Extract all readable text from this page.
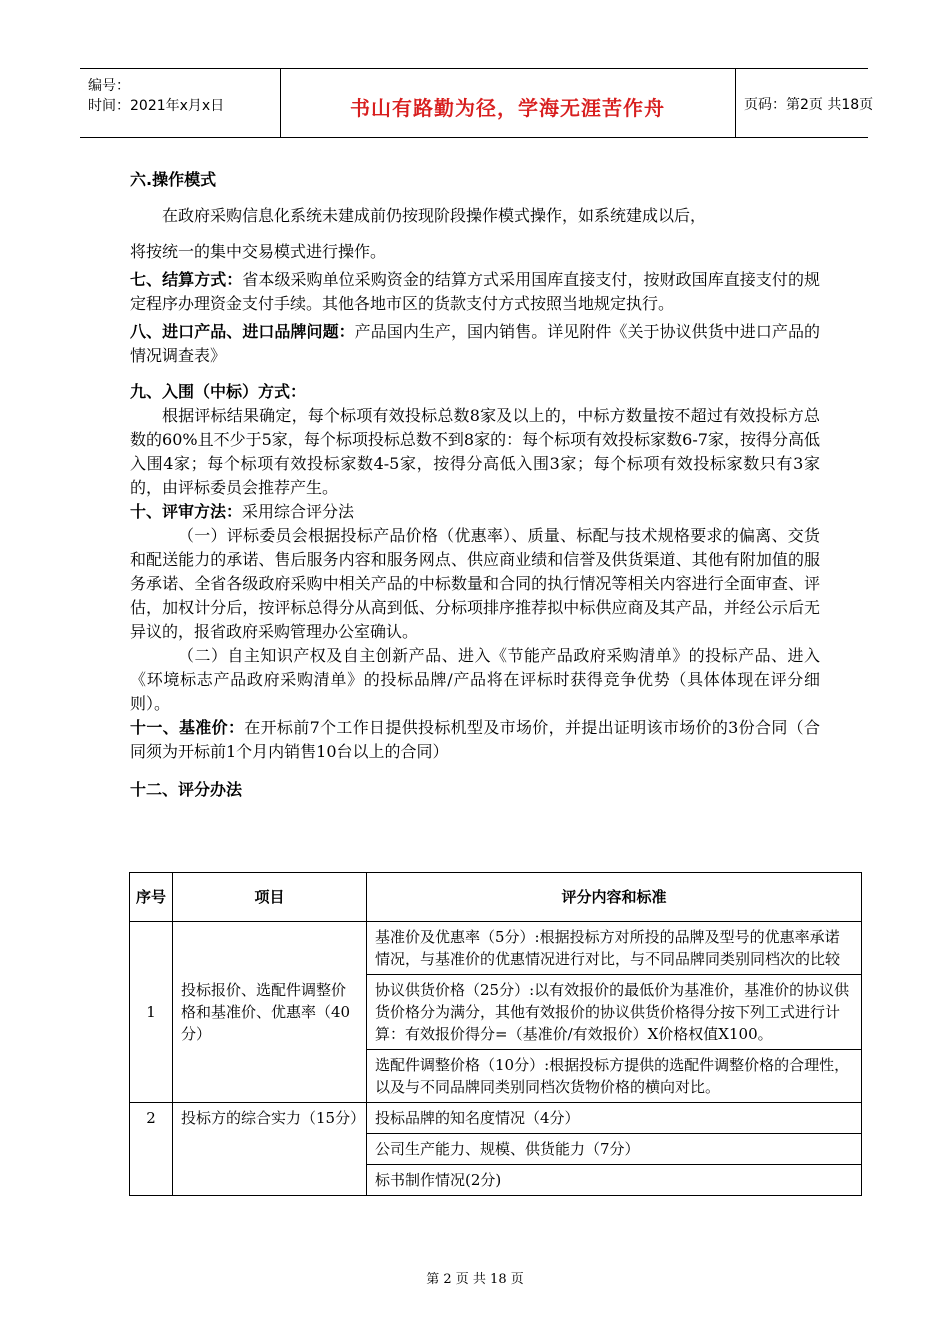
编号：
时间：2021年x月x日	书山有路勤为径，学海无涯苦作舟	页码：第2页 共18页

六.操作模式

在政府采购信息化系统未建成前仍按现阶段操作模式操作，如系统建成以后，

将按统一的集中交易模式进行操作。

七、结算方式：省本级采购单位采购资金的结算方式采用国库直接支付，按财政国库直接支付的规定程序办理资金支付手续。其他各地市区的货款支付方式按照当地规定执行。

八、进口产品、进口品牌问题：产品国内生产，国内销售。详见附件《关于协议供货中进口产品的情况调查表》

九、入围（中标）方式：

根据评标结果确定，每个标项有效投标总数8家及以上的，中标方数量按不超过有效投标方总数的60%且不少于5家，每个标项投标总数不到8家的：每个标项有效投标家数6-7家，按得分高低入围4家；每个标项有效投标家数4-5家，按得分高低入围3家；每个标项有效投标家数只有3家的，由评标委员会推荐产生。

十、评审方法：采用综合评分法

（一）评标委员会根据投标产品价格（优惠率）、质量、标配与技术规格要求的偏离、交货和配送能力的承诺、售后服务内容和服务网点、供应商业绩和信誉及供货渠道、其他有附加值的服务承诺、全省各级政府采购中相关产品的中标数量和合同的执行情况等相关内容进行全面审查、评估，加权计分后，按评标总得分从高到低、分标项排序推荐拟中标供应商及其产品，并经公示后无异议的，报省政府采购管理办公室确认。

（二）自主知识产权及自主创新产品、进入《节能产品政府采购清单》的投标产品、进入《环境标志产品政府采购清单》的投标品牌/产品将在评标时获得竞争优势（具体体现在评分细则）。

十一、基准价：在开标前7个工作日提供投标机型及市场价，并提出证明该市场价的3份合同（合同须为开标前1个月内销售10台以上的合同）

十二、评分办法

序号	项目	评分内容和标准
1	投标报价、选配件调整价格和基准价、优惠率（40分）	基准价及优惠率（5分）:根据投标方对所投的品牌及型号的优惠率承诺情况，与基准价的优惠情况进行对比，与不同品牌同类别同档次的比较
		协议供货价格（25分）:以有效报价的最低价为基准价，基准价的协议供货价格分为满分，其他有效报价的协议供货价格得分按下列工式进行计算：有效报价得分=（基准价/有效报价）X价格权值X100。
		选配件调整价格（10分）:根据投标方提供的选配件调整价格的合理性，以及与不同品牌同类别同档次货物价格的横向对比。
2	投标方的综合实力（15分）	投标品牌的知名度情况（4分）
		公司生产能力、规模、供货能力（7分）
		标书制作情况(2分)
第 2 页 共 18 页
